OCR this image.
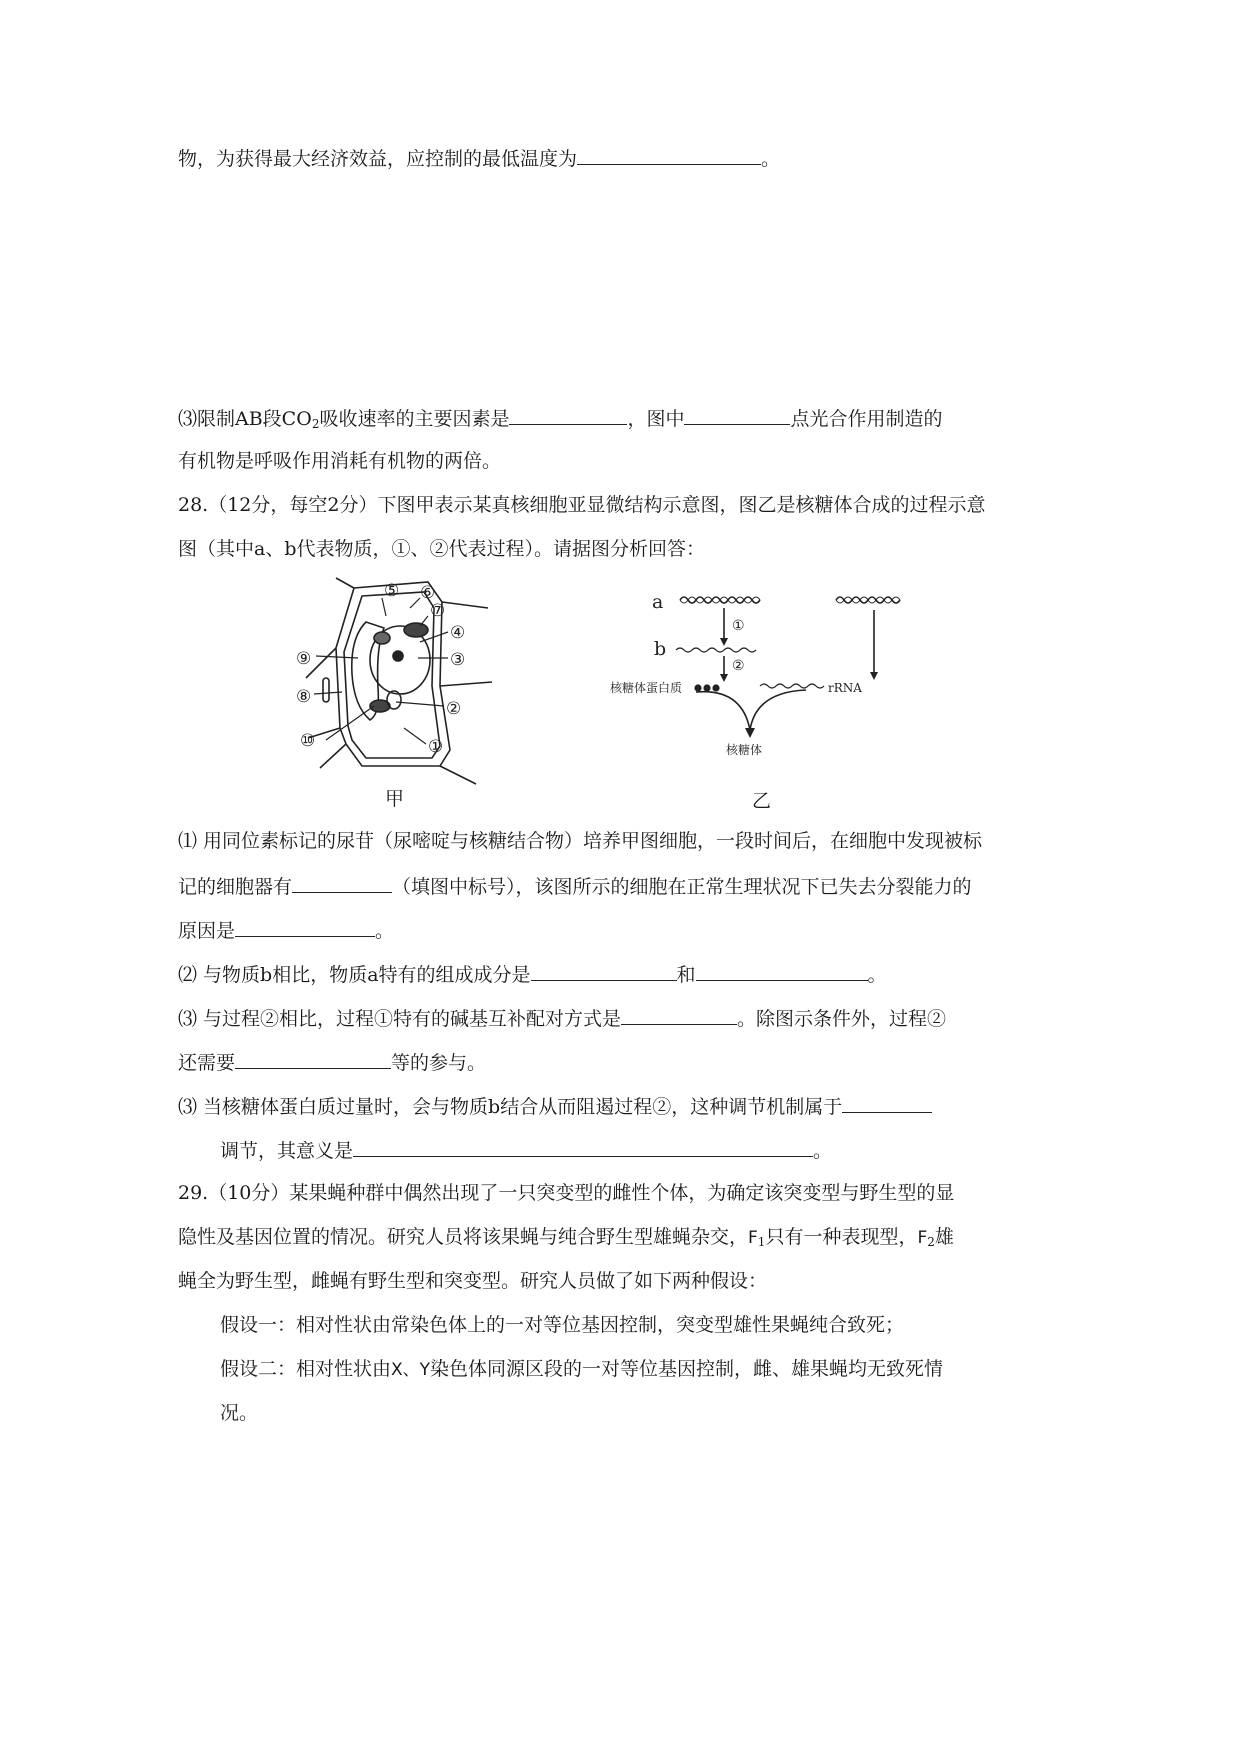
物，为获得最大经济效益，应控制的最低温度为	。
⑶限制AB段$CO_2$吸收速率的主要因素是	，图中	点光合作用制造的
有机物是呼吸作用消耗有机物的两倍。
28.（12分，每空2分）下图甲表示某真核细胞亚显微结构示意图，图乙是核糖体合成的过程示意
图（其中a、b代表物质，①、②代表过程）。请据图分析回答：
⑤ ⑥
⑦
④
③
②
①
⑨
⑧
⑩
甲
a
b
①
②
核糖体蛋白质	rRNA
核糖体
乙
⑴ 用同位素标记的尿苷（尿嘧啶与核糖结合物）培养甲图细胞，一段时间后，在细胞中发现被标
记的细胞器有	（填图中标号），该图所示的细胞在正常生理状况下已失去分裂能力的
原因是	。
⑵ 与物质b相比，物质a特有的组成成分是	和	。
⑶ 与过程②相比，过程①特有的碱基互补配对方式是	。除图示条件外，过程②
还需要	等的参与。
⑶ 当核糖体蛋白质过量时，会与物质b结合从而阻遏过程②，这种调节机制属于
调节，其意义是	。
29.（10分）某果蝇种群中偶然出现了一只突变型的雌性个体，为确定该突变型与野生型的显
隐性及基因位置的情况。研究人员将该果蝇与纯合野生型雄蝇杂交，$F_1$只有一种表现型，$F_2$雄
蝇全为野生型，雌蝇有野生型和突变型。研究人员做了如下两种假设：
假设一：相对性状由常染色体上的一对等位基因控制，突变型雄性果蝇纯合致死；
假设二：相对性状由X、Y染色体同源区段的一对等位基因控制，雌、雄果蝇均无致死情
况。
